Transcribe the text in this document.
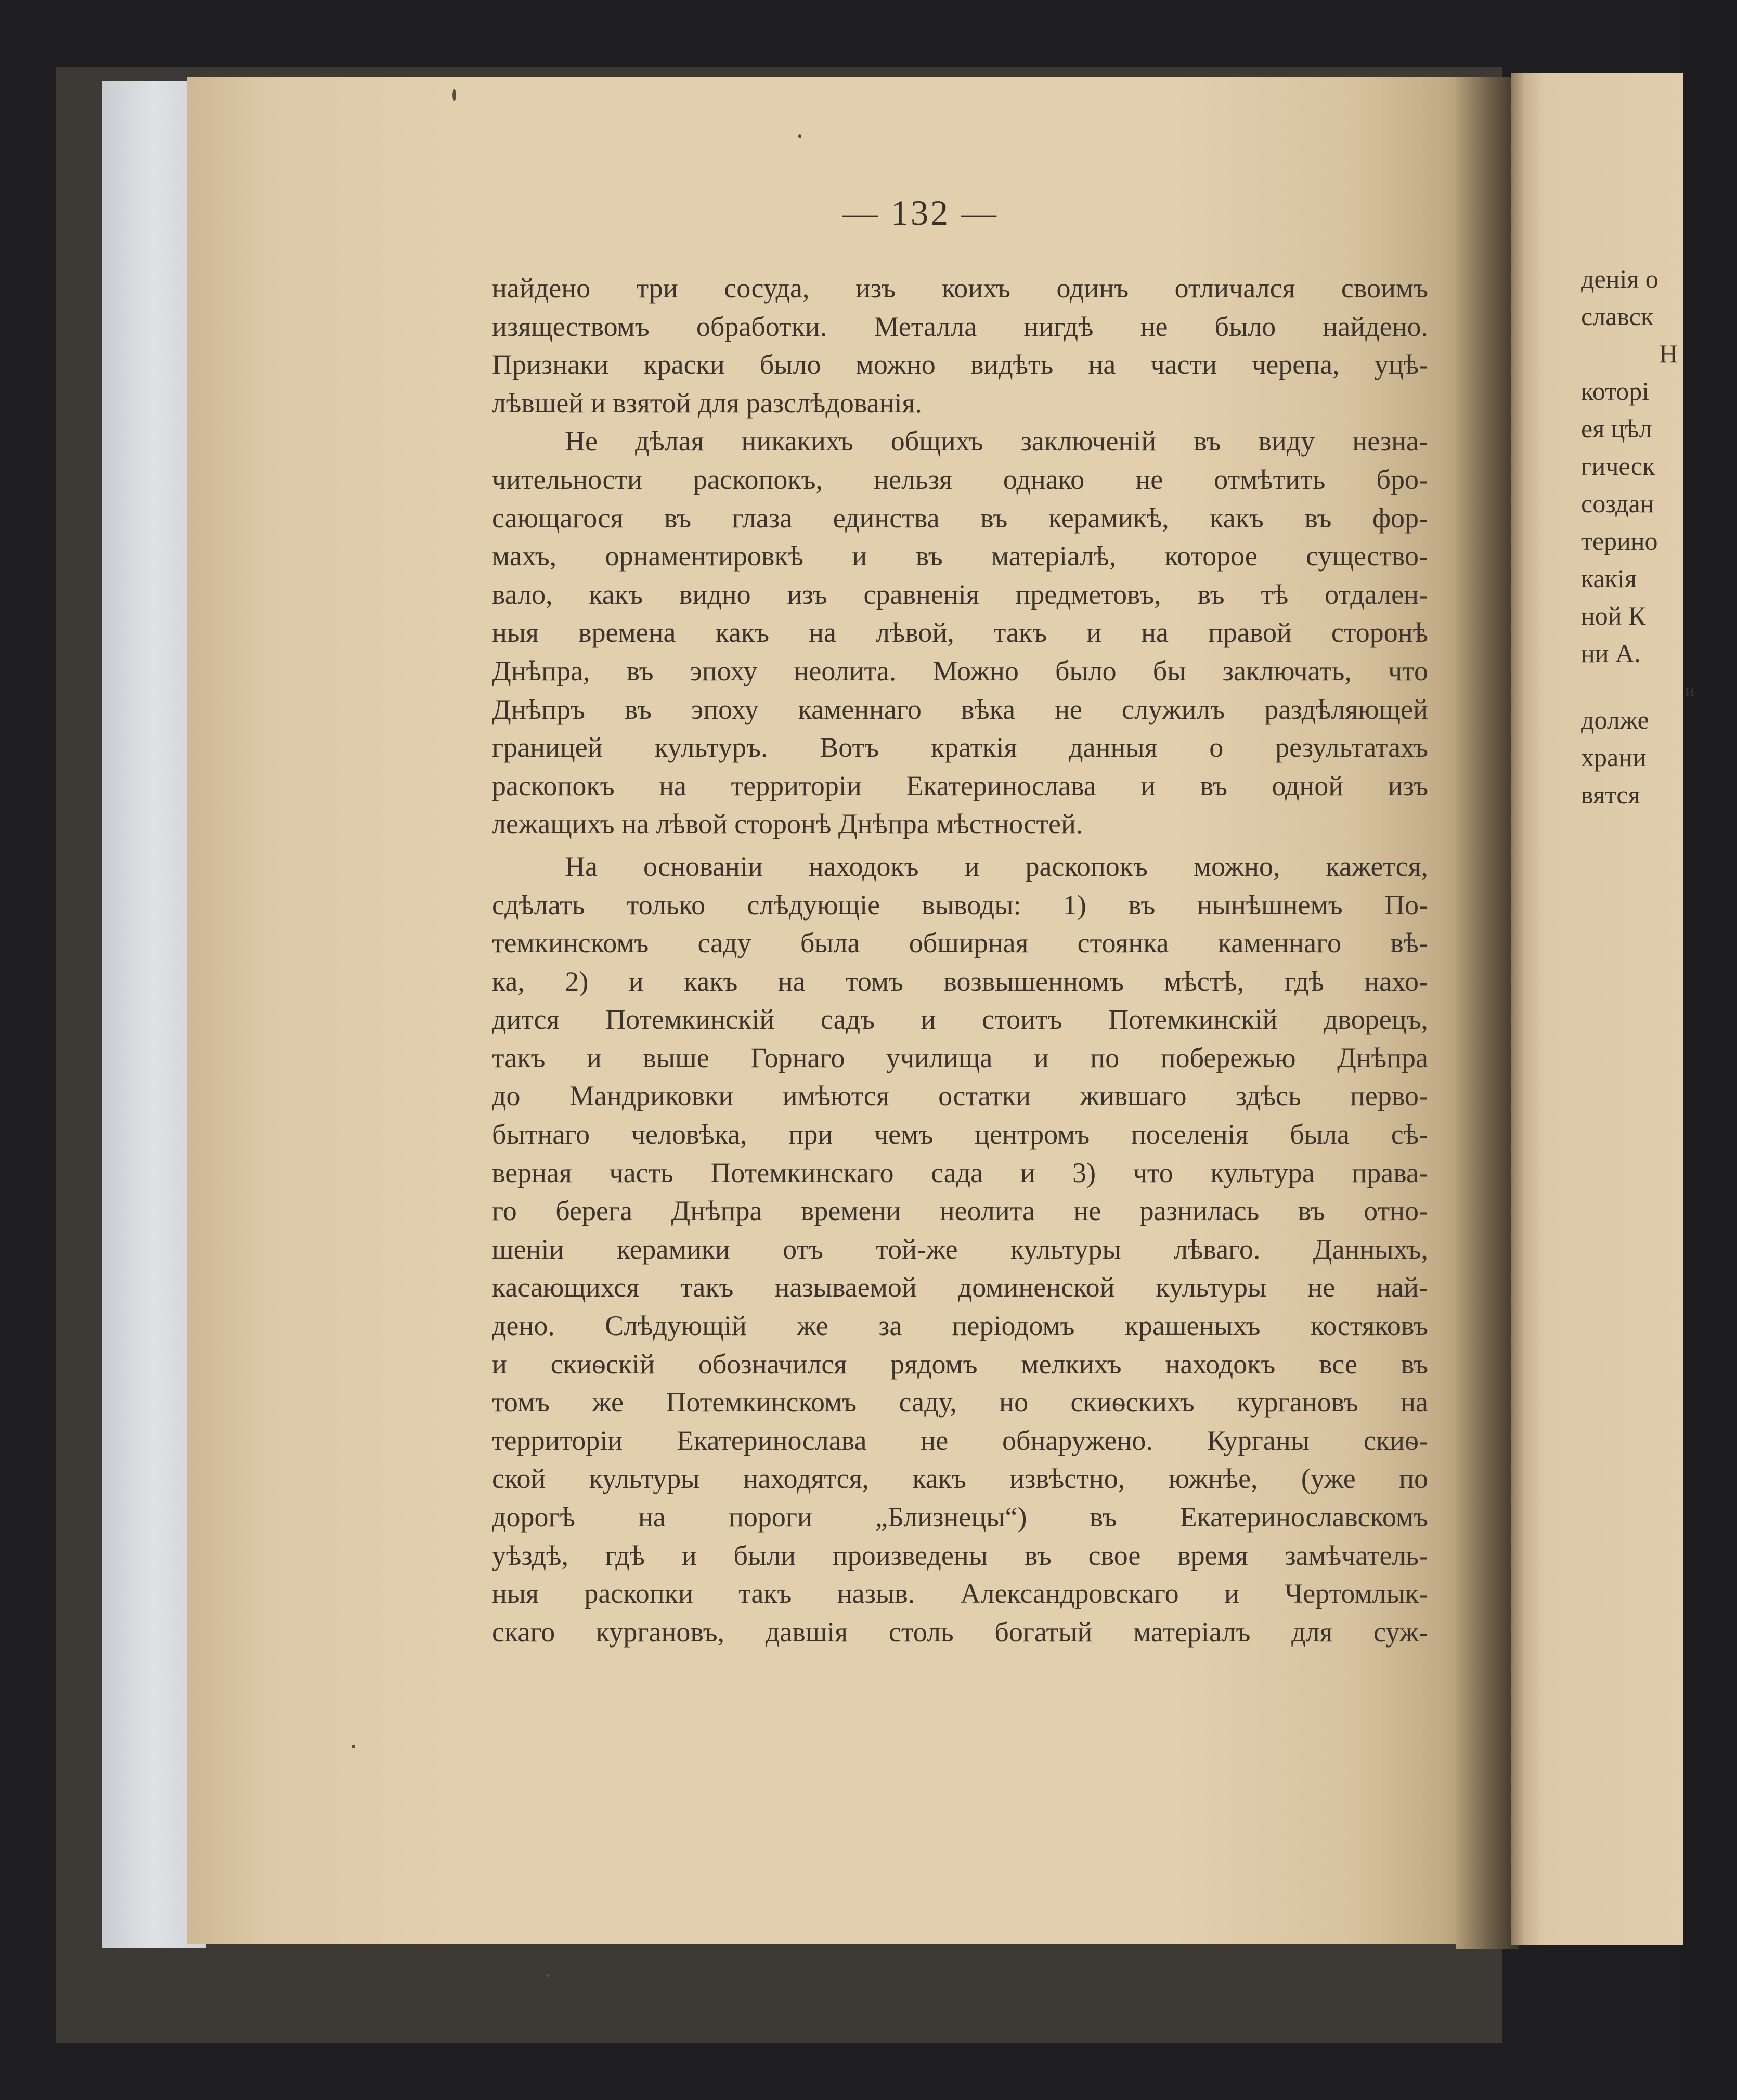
— 132 —
найдено три сосуда, изъ коихъ одинъ отличался своимъ
изяществомъ обработки. Металла нигдѣ не было найдено.
Признаки краски было можно видѣть на части черепа, уцѣ-
лѣвшей и взятой для разслѣдованія.
Не дѣлая никакихъ общихъ заключеній въ виду незна-
чительности раскопокъ, нельзя однако не отмѣтить бро-
сающагося въ глаза единства въ керамикѣ, какъ въ фор-
махъ, орнаментировкѣ и въ матеріалѣ, которое существо-
вало, какъ видно изъ сравненія предметовъ, въ тѣ отдален-
ныя времена какъ на лѣвой, такъ и на правой сторонѣ
Днѣпра, въ эпоху неолита. Можно было бы заключать, что
Днѣпръ въ эпоху каменнаго вѣка не служилъ раздѣляющей
границей культуръ. Вотъ краткія данныя о результатахъ
раскопокъ на территоріи Екатеринослава и въ одной изъ
лежащихъ на лѣвой сторонѣ Днѣпра мѣстностей.
На основаніи находокъ и раскопокъ можно, кажется,
сдѣлать только слѣдующіе выводы: 1) въ нынѣшнемъ По-
темкинскомъ саду была обширная стоянка каменнаго вѣ-
ка, 2) и какъ на томъ возвышенномъ мѣстѣ, гдѣ нахо-
дится Потемкинскій садъ и стоитъ Потемкинскій дворецъ,
такъ и выше Горнаго училища и по побережью Днѣпра
до Мандриковки имѣются остатки жившаго здѣсь перво-
бытнаго человѣка, при чемъ центромъ поселенія была сѣ-
верная часть Потемкинскаго сада и 3) что культура права-
го берега Днѣпра времени неолита не разнилась въ отно-
шеніи керамики отъ той-же культуры лѣваго. Данныхъ,
касающихся такъ называемой доминенской культуры не най-
дено. Слѣдующій же за періодомъ крашеныхъ костяковъ
и скиѳскій обозначился рядомъ мелкихъ находокъ все въ
томъ же Потемкинскомъ саду, но скиѳскихъ кургановъ на
территоріи Екатеринослава не обнаружено. Курганы скиѳ-
ской культуры находятся, какъ извѣстно, южнѣе, (уже по
дорогѣ на пороги „Близнецы“) въ Екатеринославскомъ
уѣздѣ, гдѣ и были произведены въ свое время замѣчатель-
ныя раскопки такъ назыв. Александровскаго и Чертомлык-
скаго кургановъ, давшія столь богатый матеріалъ для суж-
денія о
славск
Н
которі
ея цѣл
гическ
создан
терино
какія
ной К
ни А.
и
долже
храни
вятся
